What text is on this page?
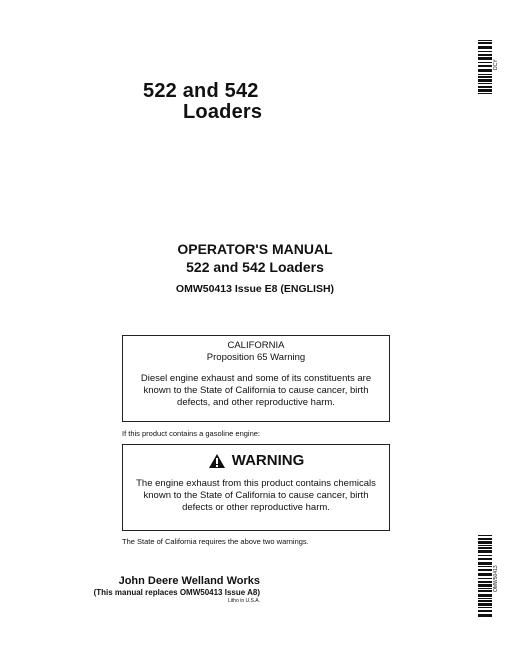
522 and 542
Loaders
OPERATOR'S MANUAL
522 and 542 Loaders
OMW50413 Issue E8 (ENGLISH)
CALIFORNIA
Proposition 65 Warning
Diesel engine exhaust and some of its constituents are
known to the State of California to cause cancer, birth
defects, and other reproductive harm.
If this product contains a gasoline engine:
WARNING
The engine exhaust from this product contains chemicals
known to the State of California to cause cancer, birth
defects or other reproductive harm.
The State of California requires the above two warnings.
John Deere Welland Works
(This manual replaces OMW50413 Issue A8)
Litho in U.S.A.
DCY
OMW50413
